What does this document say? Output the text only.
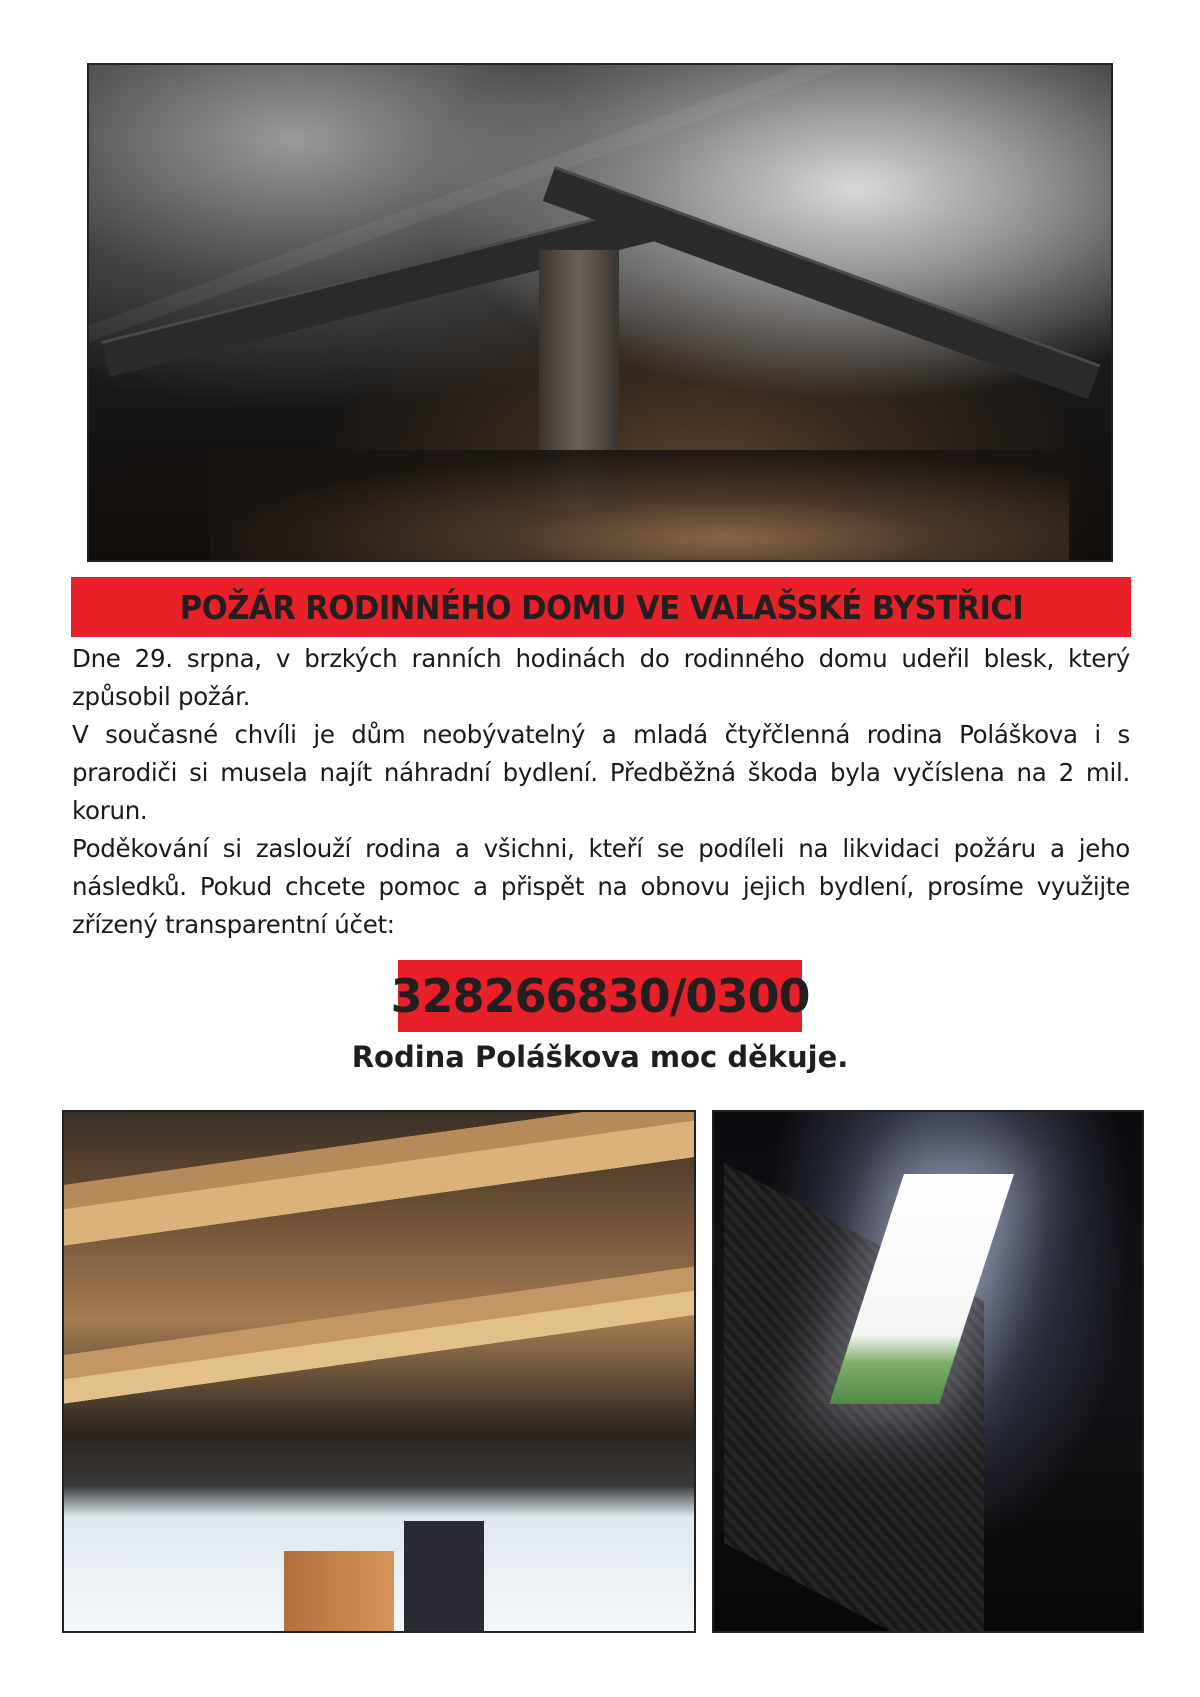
POŽÁR RODINNÉHO DOMU VE VALAŠSKÉ BYSTŘICI

Dne 29. srpna, v brzkých ranních hodinách do rodinného domu udeřil blesk, který způsobil požár.

V současné chvíli je dům neobývatelný a mladá čtyřčlenná rodina Poláškova i s prarodiči si musela najít náhradní bydlení. Předběžná škoda byla vyčíslena na 2 mil. korun.

Poděkování si zaslouží rodina a všichni, kteří se podíleli na likvidaci požáru a jeho následků. Pokud chcete pomoc a přispět na obnovu jejich bydlení, prosíme využijte zřízený transparentní účet:

328266830/0300
Rodina Poláškova moc děkuje.
